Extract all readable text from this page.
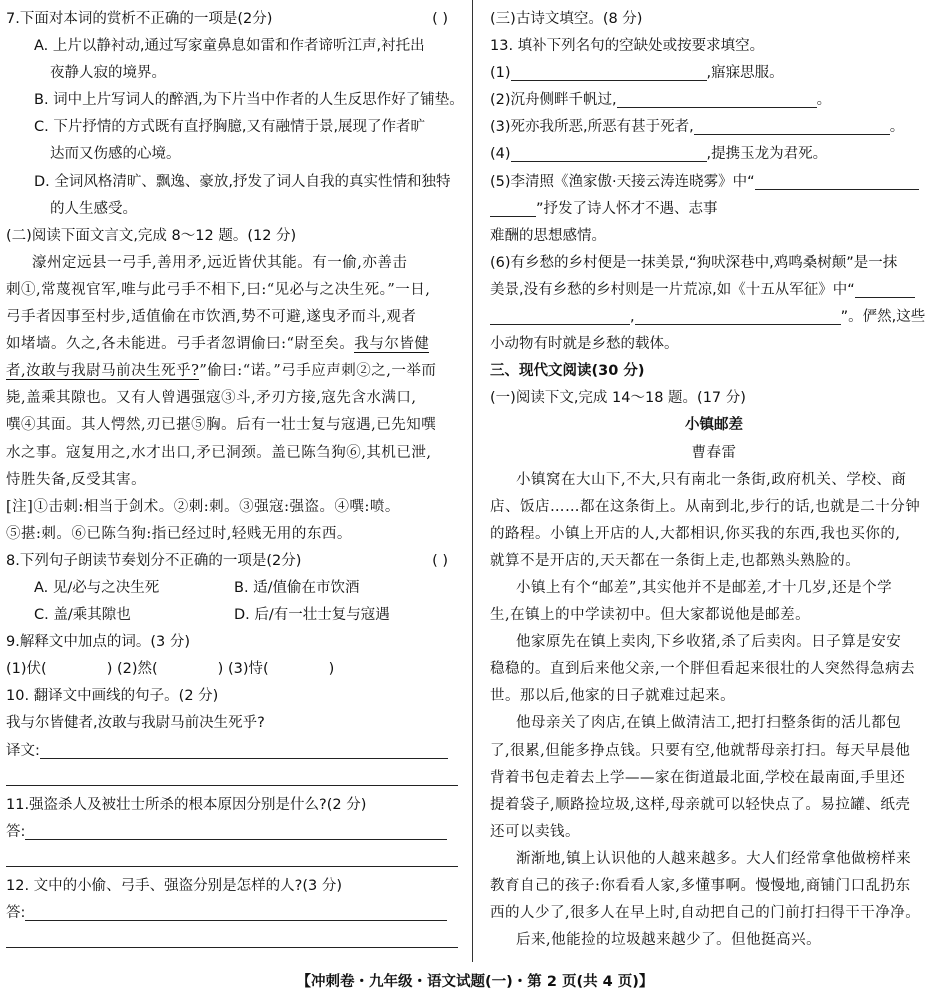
7.下面对本词的赏析不正确的一项是(2分)	( )
A. 上片以静衬动,通过写家童鼻息如雷和作者谛听江声,衬托出
夜静人寂的境界。
B. 词中上片写词人的醉酒,为下片当中作者的人生反思作好了铺垫。
C. 下片抒情的方式既有直抒胸臆,又有融情于景,展现了作者旷
达而又伤感的心境。
D. 全词风格清旷、飘逸、豪放,抒发了词人自我的真实性情和独特
的人生感受。
(二)阅读下面文言文,完成 8～12 题。(12 分)
濠州定远县一弓手,善用矛,远近皆伏其能。有一偷,亦善击
刺①,常蔑视官军,唯与此弓手不相下,曰:“见必与之决生死。”一日,
弓手者因事至村步,适值偷在市饮酒,势不可避,遂曳矛而斗,观者
如堵墙。久之,各未能进。弓手者忽谓偷曰:“尉至矣。我与尔皆健
者,汝敢与我尉马前决生死乎?”偷曰:“诺。”弓手应声刺②之,一举而
毙,盖乘其隙也。又有人曾遇强寇③斗,矛刃方接,寇先含水满口,
噀④其面。其人愕然,刃已揕⑤胸。后有一壮士复与寇遇,已先知噀
水之事。寇复用之,水才出口,矛已洞颈。盖已陈刍狗⑥,其机已泄,
恃胜失备,反受其害。
[注]①击刺:相当于剑术。②刺:刺。③强寇:强盗。④噀:喷。
⑤揕:刺。⑥已陈刍狗:指已经过时,轻贱无用的东西。
8.下列句子朗读节奏划分不正确的一项是(2分)	( )
A. 见/必与之决生死	B. 适/值偷在市饮酒
C. 盖/乘其隙也	D. 后/有一壮士复与寇遇
9.解释文中加点的词。(3 分)
(1)伏(	) (2)然(	) (3)恃(	)
10. 翻译文中画线的句子。(2 分)
我与尔皆健者,汝敢与我尉马前决生死乎?
译文:
11.强盗杀人及被壮士所杀的根本原因分别是什么?(2 分)
答:
12. 文中的小偷、弓手、强盗分别是怎样的人?(3 分)
答:
(三)古诗文填空。(8 分)
13. 填补下列名句的空缺处或按要求填空。
(1)	,寤寐思服。
(2)沉舟侧畔千帆过,	。
(3)死亦我所恶,所恶有甚于死者,	。
(4)	,提携玉龙为君死。
(5)李清照《渔家傲·天接云涛连晓雾》中“
”抒发了诗人怀才不遇、志事
难酬的思想感情。
(6)有乡愁的乡村便是一抹美景,“狗吠深巷中,鸡鸣桑树颠”是一抹
美景,没有乡愁的乡村则是一片荒凉,如《十五从军征》中“
,	”。俨然,这些
小动物有时就是乡愁的载体。
三、现代文阅读(30 分)
(一)阅读下文,完成 14～18 题。(17 分)
小镇邮差
曹春雷
小镇窝在大山下,不大,只有南北一条街,政府机关、学校、商
店、饭店……都在这条街上。从南到北,步行的话,也就是二十分钟
的路程。小镇上开店的人,大都相识,你买我的东西,我也买你的,
就算不是开店的,天天都在一条街上走,也都熟头熟脸的。
小镇上有个“邮差”,其实他并不是邮差,才十几岁,还是个学
生,在镇上的中学读初中。但大家都说他是邮差。
他家原先在镇上卖肉,下乡收猪,杀了后卖肉。日子算是安安
稳稳的。直到后来他父亲,一个胖但看起来很壮的人突然得急病去
世。那以后,他家的日子就难过起来。
他母亲关了肉店,在镇上做清洁工,把打扫整条街的活儿都包
了,很累,但能多挣点钱。只要有空,他就帮母亲打扫。每天早晨他
背着书包走着去上学——家在街道最北面,学校在最南面,手里还
提着袋子,顺路捡垃圾,这样,母亲就可以轻快点了。易拉罐、纸壳
还可以卖钱。
渐渐地,镇上认识他的人越来越多。大人们经常拿他做榜样来
教育自己的孩子:你看看人家,多懂事啊。慢慢地,商铺门口乱扔东
西的人少了,很多人在早上时,自动把自己的门前打扫得干干净净。
后来,他能捡的垃圾越来越少了。但他挺高兴。
【冲刺卷・九年级・语文试题(一)・第 2 页(共 4 页)】
